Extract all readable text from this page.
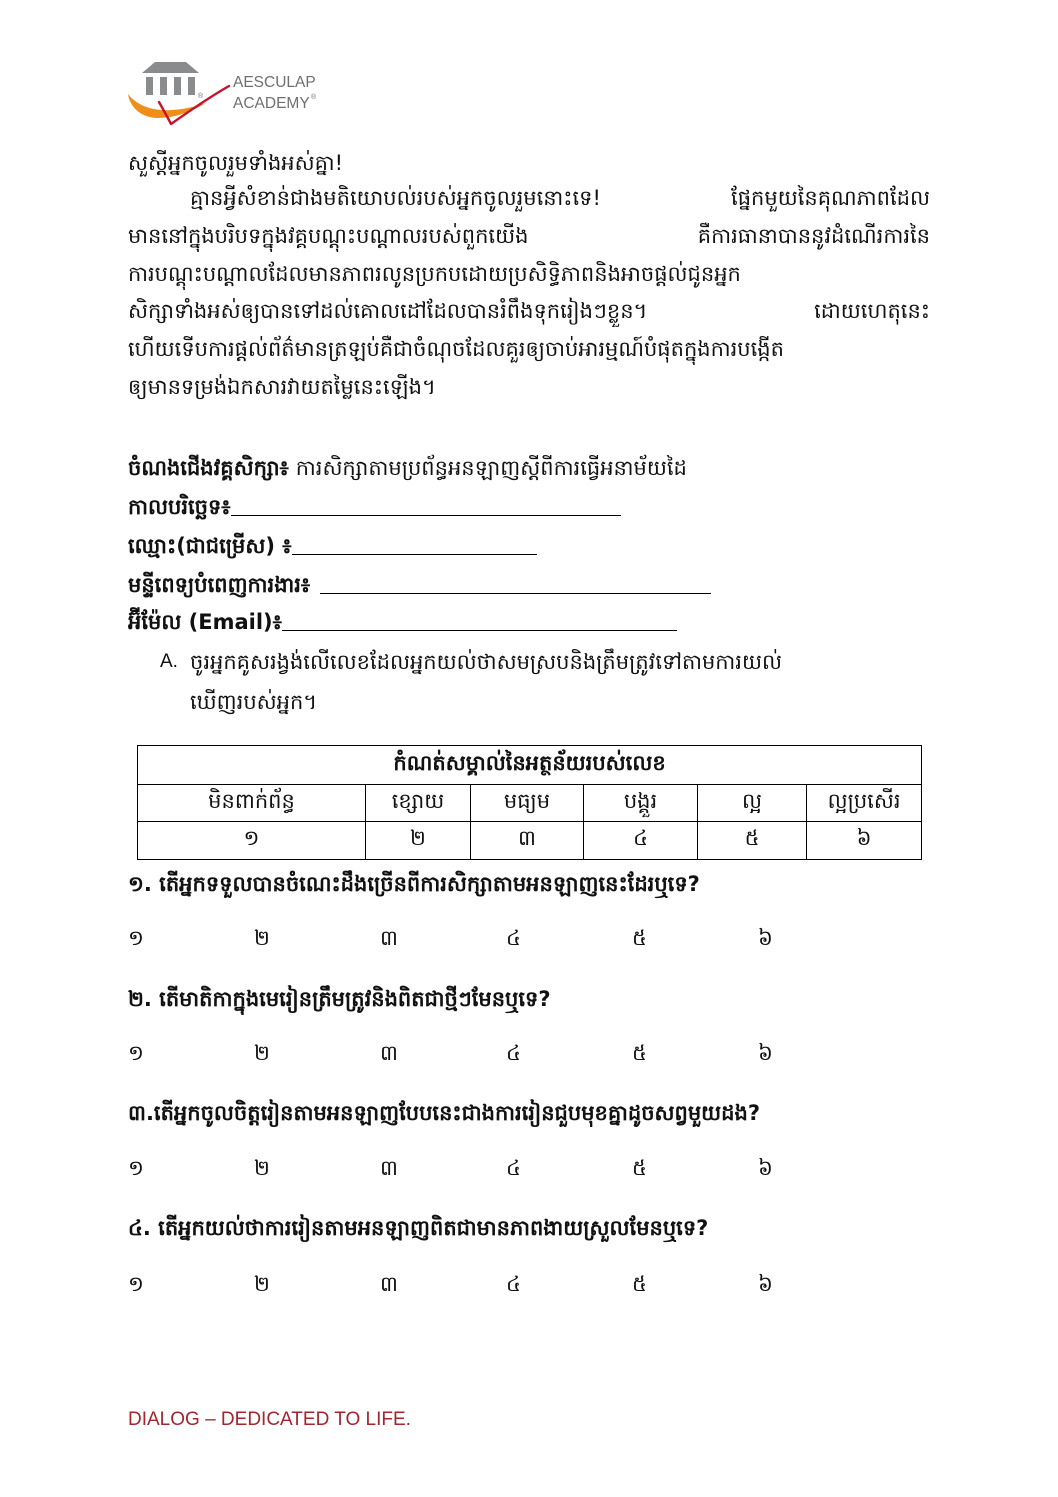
®
AESCULAP
ACADEMY ®
សួស្តីអ្នកចូលរួមទាំងអស់គ្នា!
គ្មានអ្វីសំខាន់ជាងមតិយោបល់របស់អ្នកចូលរួមនោះទេ! ផ្នែកមួយនៃគុណភាពដែល
មាននៅក្នុងបរិបទក្នុងវគ្គបណ្តុះបណ្តាលរបស់ពួកយើង គឺការធានាបាននូវដំណើរការនៃ
ការបណ្តុះបណ្តាលដែលមានភាពរលូនប្រកបដោយប្រសិទ្ធិភាពនិងអាចផ្តល់ជូនអ្នក
សិក្សាទាំងអស់ឲ្យបានទៅដល់គោលដៅដែលបានរំពឹងទុករៀងៗខ្លួន។ ដោយហេតុនេះ
ហើយទើបការផ្តល់ព័ត៌មានត្រឡប់គឺជាចំណុចដែលគួរឲ្យចាប់អារម្មណ៍បំផុតក្នុងការបង្កើត
ឲ្យមានទម្រង់ឯកសារវាយតម្លៃនេះឡើង។
ចំណងជើងវគ្គសិក្សា៖ ការសិក្សាតាមប្រព័ន្ធអនឡាញស្តីពីការធ្វើអនាម័យដៃ
កាលបរិច្ឆេទ៖
ឈ្មោះ(ជាជម្រើស) ៖
មន្ទីពេទ្យបំពេញការងារ៖
អ៊ីម៉ែល (Email)៖
A. ចូរអ្នកគូសរង្វង់លើលេខដែលអ្នកយល់ថាសមស្របនិងត្រឹមត្រូវទៅតាមការយល់
ឃើញរបស់អ្នក។
កំណត់សម្គាល់នៃអត្ថន័យរបស់លេខ					
មិនពាក់ព័ន្ធ	ខ្សោយ	មធ្យម	បង្គួរ	ល្អ	ល្អប្រសើរ
១	២	៣	៤	៥	៦
១. តើអ្នកទទួលបានចំណេះដឹងច្រើនពីការសិក្សាតាមអនឡាញនេះដែរឬទេ?
១	២	៣	៤	៥	៦
២. តើមាតិកាក្នុងមេរៀនត្រឹមត្រូវនិងពិតជាថ្មីៗមែនឬទេ?
១	២	៣	៤	៥	៦
៣.តើអ្នកចូលចិត្តរៀនតាមអនឡាញបែបនេះជាងការរៀនជួបមុខគ្នាដូចសព្វមួយដង?
១	២	៣	៤	៥	៦
៤. តើអ្នកយល់ថាការរៀនតាមអនឡាញពិតជាមានភាពងាយស្រួលមែនឬទេ?
១	២	៣	៤	៥	៦
DIALOG – DEDICATED TO LIFE.
